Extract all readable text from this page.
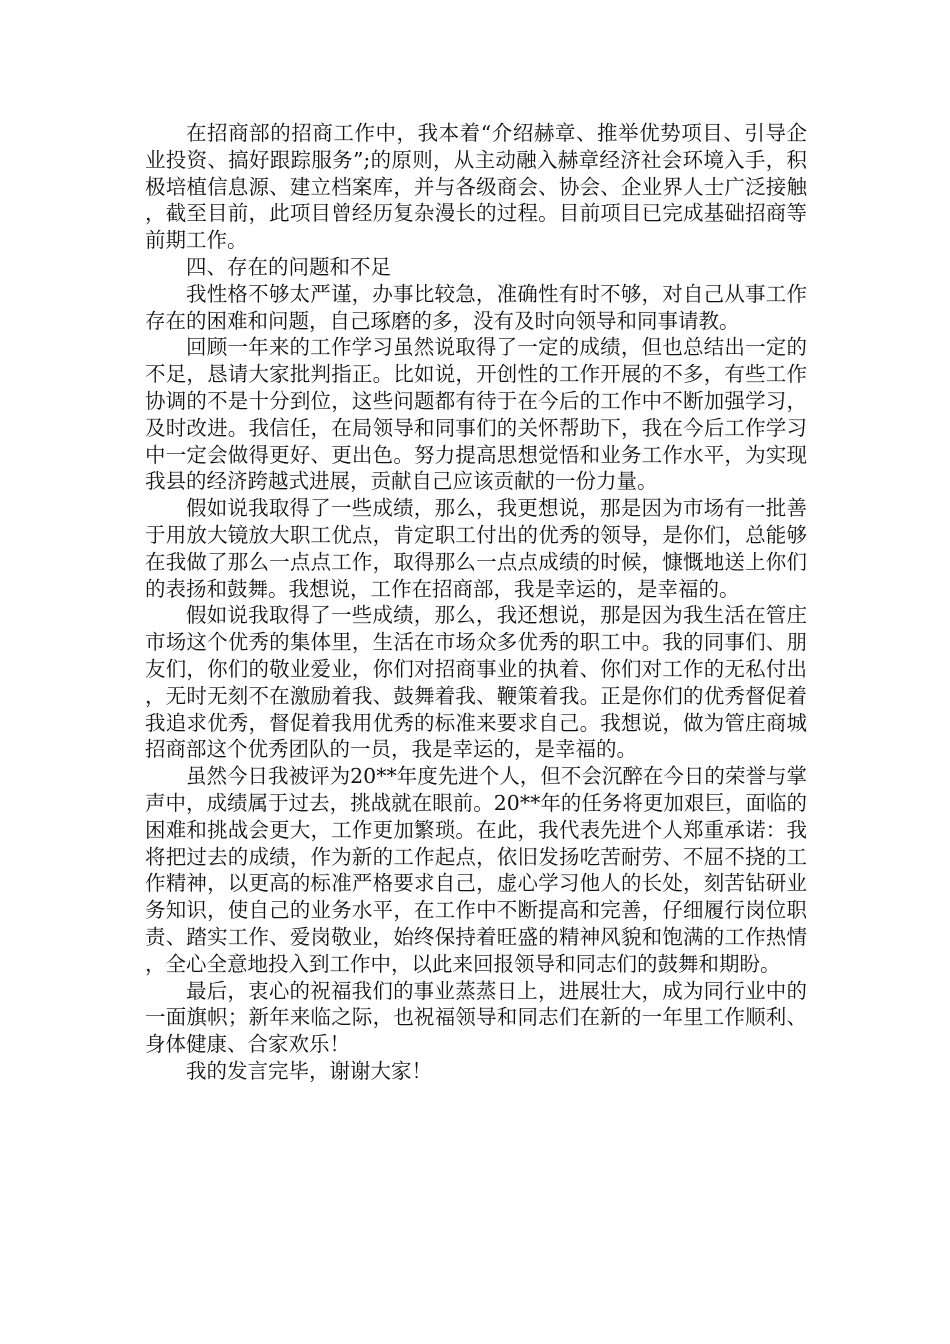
在招商部的招商工作中，我本着“介绍赫章、推举优势项目、引导企业投资、搞好跟踪服务”;的原则，从主动融入赫章经济社会环境入手，积极培植信息源、建立档案库，并与各级商会、协会、企业界人士广泛接触，截至目前，此项目曾经历复杂漫长的过程。目前项目已完成基础招商等前期工作。

四、存在的问题和不足

我性格不够太严谨，办事比较急，准确性有时不够，对自己从事工作存在的困难和问题，自己琢磨的多，没有及时向领导和同事请教。

回顾一年来的工作学习虽然说取得了一定的成绩，但也总结出一定的不足，恳请大家批判指正。比如说，开创性的工作开展的不多，有些工作协调的不是十分到位，这些问题都有待于在今后的工作中不断加强学习，及时改进。我信任，在局领导和同事们的关怀帮助下，我在今后工作学习中一定会做得更好、更出色。努力提高思想觉悟和业务工作水平，为实现我县的经济跨越式进展，贡献自己应该贡献的一份力量。

假如说我取得了一些成绩，那么，我更想说，那是因为市场有一批善于用放大镜放大职工优点，肯定职工付出的优秀的领导，是你们，总能够在我做了那么一点点工作，取得那么一点点成绩的时候，慷慨地送上你们的表扬和鼓舞。我想说，工作在招商部，我是幸运的，是幸福的。

假如说我取得了一些成绩，那么，我还想说，那是因为我生活在管庄市场这个优秀的集体里，生活在市场众多优秀的职工中。我的同事们、朋友们，你们的敬业爱业，你们对招商事业的执着、你们对工作的无私付出，无时无刻不在激励着我、鼓舞着我、鞭策着我。正是你们的优秀督促着我追求优秀，督促着我用优秀的标准来要求自己。我想说，做为管庄商城招商部这个优秀团队的一员，我是幸运的，是幸福的。

虽然今日我被评为20**年度先进个人，但不会沉醉在今日的荣誉与掌声中，成绩属于过去，挑战就在眼前。20**年的任务将更加艰巨，面临的困难和挑战会更大，工作更加繁琐。在此，我代表先进个人郑重承诺：我将把过去的成绩，作为新的工作起点，依旧发扬吃苦耐劳、不屈不挠的工作精神，以更高的标准严格要求自己，虚心学习他人的长处，刻苦钻研业务知识，使自己的业务水平，在工作中不断提高和完善，仔细履行岗位职责、踏实工作、爱岗敬业，始终保持着旺盛的精神风貌和饱满的工作热情，全心全意地投入到工作中，以此来回报领导和同志们的鼓舞和期盼。

最后，衷心的祝福我们的事业蒸蒸日上，进展壮大，成为同行业中的一面旗帜；新年来临之际，也祝福领导和同志们在新的一年里工作顺利、身体健康、合家欢乐！

我的发言完毕，谢谢大家！
